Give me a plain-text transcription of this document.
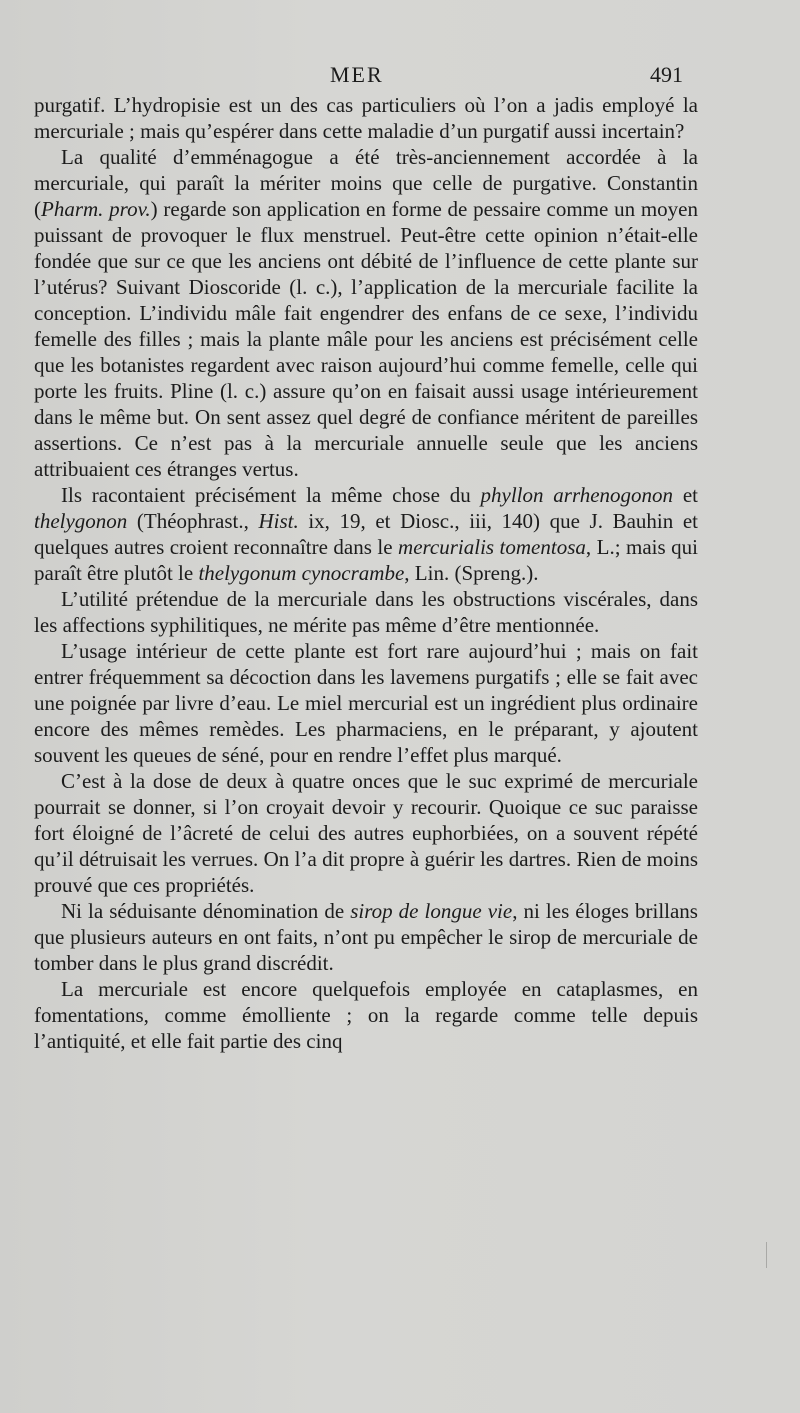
MER	491

purgatif. L’hydropisie est un des cas particuliers où l’on a jadis employé la mercuriale ; mais qu’espérer dans cette maladie d’un purgatif aussi incertain?

La qualité d’emménagogue a été très-anciennement accordée à la mercuriale, qui paraît la mériter moins que celle de purgative. Constantin (Pharm. prov.) regarde son application en forme de pessaire comme un moyen puissant de provoquer le flux menstruel. Peut-être cette opinion n’était-elle fondée que sur ce que les anciens ont débité de l’influence de cette plante sur l’utérus? Suivant Dioscoride (l. c.), l’application de la mercuriale facilite la conception. L’individu mâle fait engendrer des enfans de ce sexe, l’individu femelle des filles ; mais la plante mâle pour les anciens est précisément celle que les botanistes regardent avec raison aujourd’hui comme femelle, celle qui porte les fruits. Pline (l. c.) assure qu’on en faisait aussi usage intérieurement dans le même but. On sent assez quel degré de confiance méritent de pareilles assertions. Ce n’est pas à la mercuriale annuelle seule que les anciens attribuaient ces étranges vertus.

Ils racontaient précisément la même chose du phyllon arrhenogonon et thelygonon (Théophrast., Hist. ix, 19, et Diosc., iii, 140) que J. Bauhin et quelques autres croient reconnaître dans le mercurialis tomentosa, L.; mais qui paraît être plutôt le thelygonum cynocrambe, Lin. (Spreng.).

L’utilité prétendue de la mercuriale dans les obstructions viscérales, dans les affections syphilitiques, ne mérite pas même d’être mentionnée.

L’usage intérieur de cette plante est fort rare aujourd’hui ; mais on fait entrer fréquemment sa décoction dans les lavemens purgatifs ; elle se fait avec une poignée par livre d’eau. Le miel mercurial est un ingrédient plus ordinaire encore des mêmes remèdes. Les pharmaciens, en le préparant, y ajoutent souvent les queues de séné, pour en rendre l’effet plus marqué.

C’est à la dose de deux à quatre onces que le suc exprimé de mercuriale pourrait se donner, si l’on croyait devoir y recourir. Quoique ce suc paraisse fort éloigné de l’âcreté de celui des autres euphorbiées, on a souvent répété qu’il détruisait les verrues. On l’a dit propre à guérir les dartres. Rien de moins prouvé que ces propriétés.

Ni la séduisante dénomination de sirop de longue vie, ni les éloges brillans que plusieurs auteurs en ont faits, n’ont pu empêcher le sirop de mercuriale de tomber dans le plus grand discrédit.

La mercuriale est encore quelquefois employée en cataplasmes, en fomentations, comme émolliente ; on la regarde comme telle depuis l’antiquité, et elle fait partie des cinq
